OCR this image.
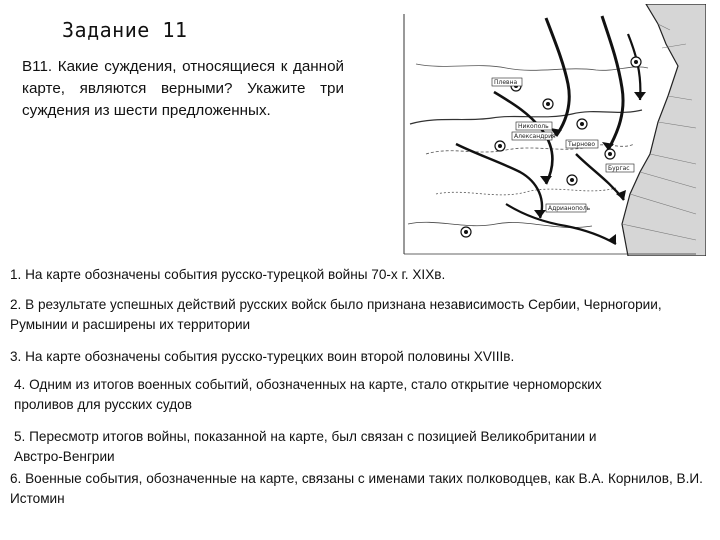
Задание 11
В11. Какие суждения, относящиеся к данной карте, являются верными? Укажите три суждения из шести предложенных.
Плевна
Александрия
Тырново
Бургас
Никополь
Адрианополь
1. На карте обозначены события русско-турецкой войны 70-х г. XIXв.
2. В результате успешных действий русских войск было признана независимость Сербии, Черногории, Румынии и расширены их территории
3. На карте обозначены события русско-турецких воин второй половины XVIIIв.
4. Одним из итогов военных событий, обозначенных на карте, стало открытие черноморских проливов для русских судов
5. Пересмотр итогов войны, показанной на карте, был связан с позицией Великобритании и Австро-Венгрии
6. Военные события, обозначенные на карте, связаны с именами таких полководцев, как В.А. Корнилов, В.И. Истомин
